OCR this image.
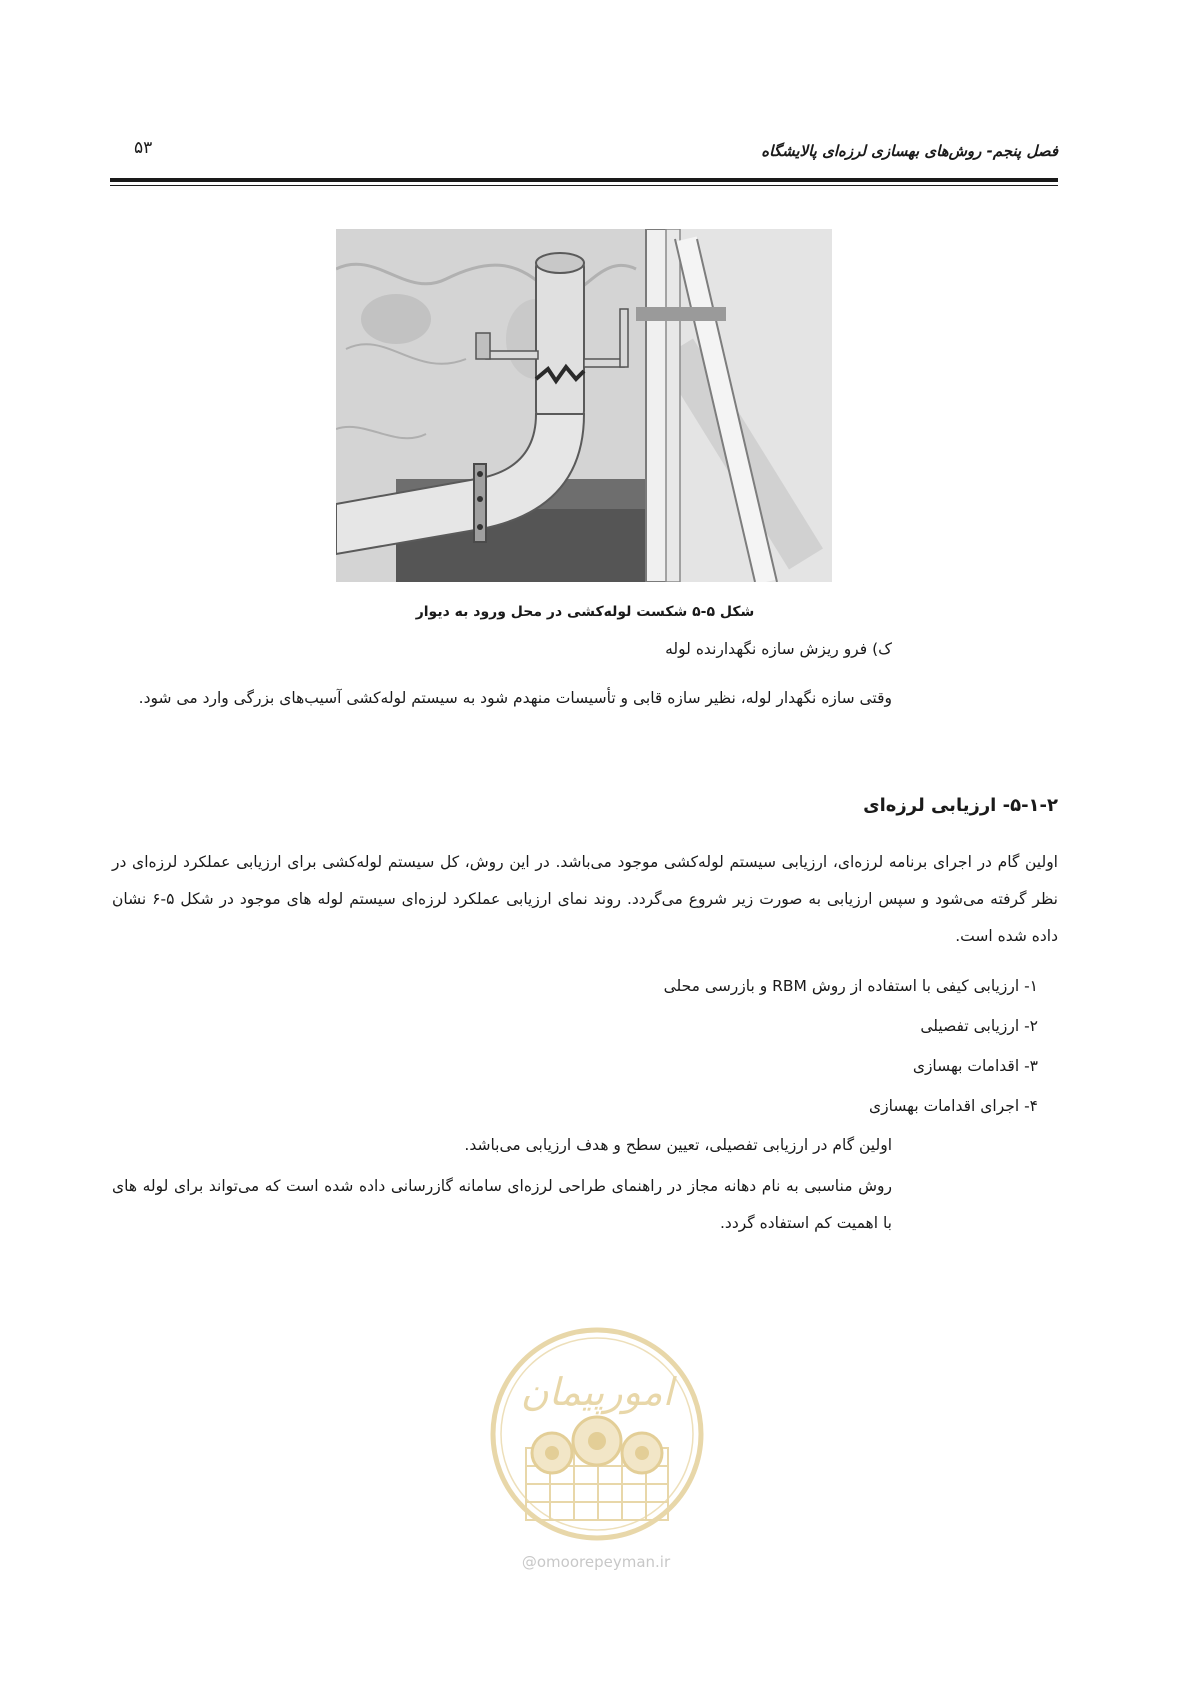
فصل پنجم- روش‌های بهسازی لرزه‌ای پالایشگاه
۵۳
شکل ۵-۵ شکست لوله‌کشی در محل ورود به دیوار
ک) فرو ریزش سازه نگهدارنده لوله
وقتی سازه نگهدار لوله، نظیر سازه قابی و تأسیسات منهدم شود به سیستم لوله‌کشی آسیب‌های بزرگی وارد می شود.
۵-۱-۲- ارزیابی لرزه‌ای
اولین گام در اجرای برنامه لرزه‌ای، ارزیابی سیستم لوله‌کشی موجود می‌باشد. در این روش، کل سیستم لوله‌کشی برای ارزیابی عملکرد لرزه‌ای در نظر گرفته می‌شود و سپس ارزیابی به صورت زیر شروع می‌گردد. روند نمای ارزیابی عملکرد لرزه‌ای سیستم لوله های موجود در شکل ۵-۶ نشان داده شده است.
۱- ارزیابی کیفی با استفاده از روش RBM و بازرسی محلی
۲- ارزیابی تفصیلی
۳- اقدامات بهسازی
۴- اجرای اقدامات بهسازی
اولین گام در ارزیابی تفصیلی، تعیین سطح و هدف ارزیابی می‌باشد.
روش مناسبی به نام دهانه مجاز در راهنمای طراحی لرزه‌ای سامانه گازرسانی داده شده است که می‌تواند برای لوله های با اهمیت کم استفاده گردد.
امورپیمان
@omoorepeyman.ir
